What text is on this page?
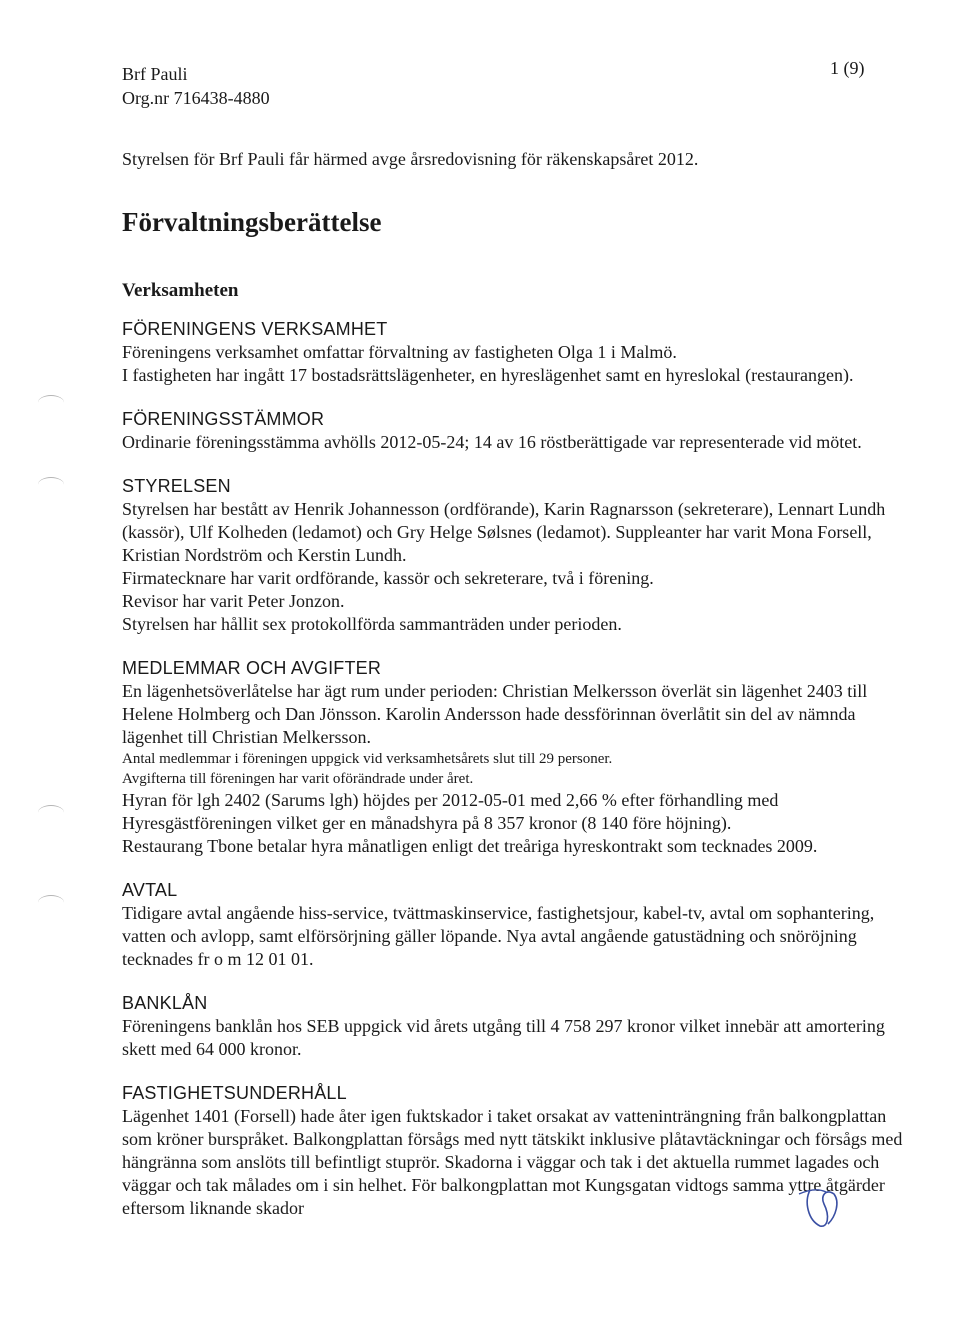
Brf Pauli
Org.nr 716438-4880
1 (9)
Styrelsen för Brf Pauli får härmed avge årsredovisning för räkenskapsåret 2012.
Förvaltningsberättelse
Verksamheten
FÖRENINGENS VERKSAMHET

Föreningens verksamhet omfattar förvaltning av fastigheten Olga 1 i Malmö.

I fastigheten har ingått 17 bostadsrättslägenheter, en hyreslägenhet samt en hyreslokal (restaurangen).

FÖRENINGSSTÄMMOR

Ordinarie föreningsstämma avhölls 2012-05-24; 14 av 16 röstberättigade var representerade vid mötet.

STYRELSEN

Styrelsen har bestått av Henrik Johannesson (ordförande), Karin Ragnarsson (sekreterare), Lennart Lundh (kassör), Ulf Kolheden (ledamot) och Gry Helge Sølsnes (ledamot). Suppleanter har varit Mona Forsell, Kristian Nordström och Kerstin Lundh.

Firmatecknare har varit ordförande, kassör och sekreterare, två i förening.

Revisor har varit Peter Jonzon.

Styrelsen har hållit sex protokollförda sammanträden under perioden.

MEDLEMMAR OCH AVGIFTER

En lägenhetsöverlåtelse har ägt rum under perioden: Christian Melkersson överlät sin lägenhet 2403 till Helene Holmberg och Dan Jönsson. Karolin Andersson hade dessförinnan överlåtit sin del av nämnda lägenhet till Christian Melkersson.

Antal medlemmar i föreningen uppgick vid verksamhetsårets slut till 29 personer.

Avgifterna till föreningen har varit oförändrade under året.

Hyran för lgh 2402 (Sarums lgh) höjdes per 2012-05-01 med 2,66 % efter förhandling med Hyresgästföreningen vilket ger en månadshyra på 8 357 kronor (8 140 före höjning).

Restaurang Tbone betalar hyra månatligen enligt det treåriga hyreskontrakt som tecknades 2009.

AVTAL

Tidigare avtal angående hiss-service, tvättmaskinservice, fastighetsjour, kabel-tv, avtal om sophantering, vatten och avlopp, samt elförsörjning gäller löpande. Nya avtal angående gatustädning och snöröjning tecknades fr o m 12 01 01.

BANKLÅN

Föreningens banklån hos SEB uppgick vid årets utgång till 4 758 297 kronor vilket innebär att amortering skett med 64 000 kronor.

FASTIGHETSUNDERHÅLL

Lägenhet 1401 (Forsell) hade åter igen fuktskador i taket orsakat av vatteninträngning från balkongplattan som kröner burspråket. Balkongplattan försågs med nytt tätskikt inklusive plåtavtäckningar och försågs med hängränna som anslöts till befintligt stuprör. Skadorna i väggar och tak i det aktuella rummet lagades och väggar och tak målades om i sin helhet. För balkongplattan mot Kungsgatan vidtogs samma yttre åtgärder eftersom liknande skador
